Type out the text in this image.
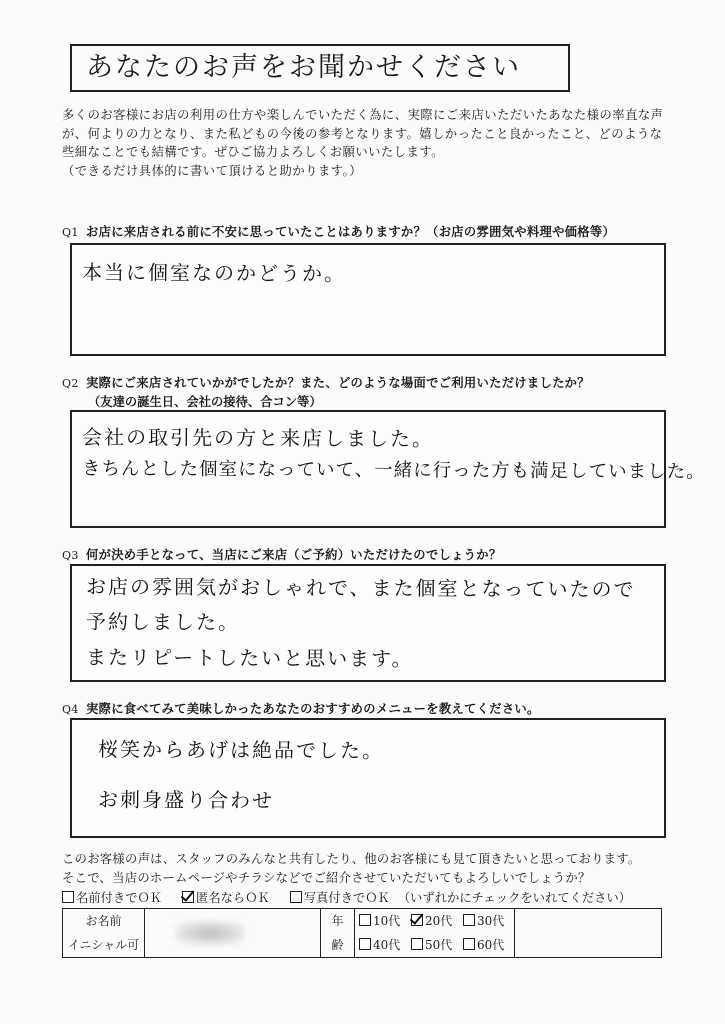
あなたのお声をお聞かせください

多くのお客様にお店の利用の仕方や楽しんでいただく為に、実際にご来店いただいたあなた様の率直な声

が、何よりの力となり、また私どもの今後の参考となります。嬉しかったこと良かったこと、どのような

些細なことでも結構です。ぜひご協力よろしくお願いいたします。

（できるだけ具体的に書いて頂けると助かります。）

Q1 お店に来店される前に不安に思っていたことはありますか？（お店の雰囲気や料理や価格等）
本当に個室なのかどうか。
Q2 実際にご来店されていかがでしたか？また、どのような場面でご利用いただけましたか？
（友達の誕生日、会社の接待、合コン等）
会社の取引先の方と来店しました。
きちんとした個室になっていて、一緒に行った方も満足していました。
Q3 何が決め手となって、当店にご来店（ご予約）いただけたのでしょうか？
お店の雰囲気がおしゃれで、また個室となっていたので
予約しました。
またリピートしたいと思います。
Q4 実際に食べてみて美味しかったあなたのおすすめのメニューを教えてください。
桜笑からあげは絶品でした。
お刺身盛り合わせ

このお客様の声は、スタッフのみんなと共有したり、他のお客様にも見て頂きたいと思っております。

そこで、当店のホームページやチラシなどでご紹介させていただいてもよろしいでしょうか？

名前付きでＯＫ	匿名ならＯＫ	写真付きでＯＫ （いずれかにチェックをいれてください）
お名前
イニシャル可
年
齢
10代 20代 30代
40代 50代 60代
